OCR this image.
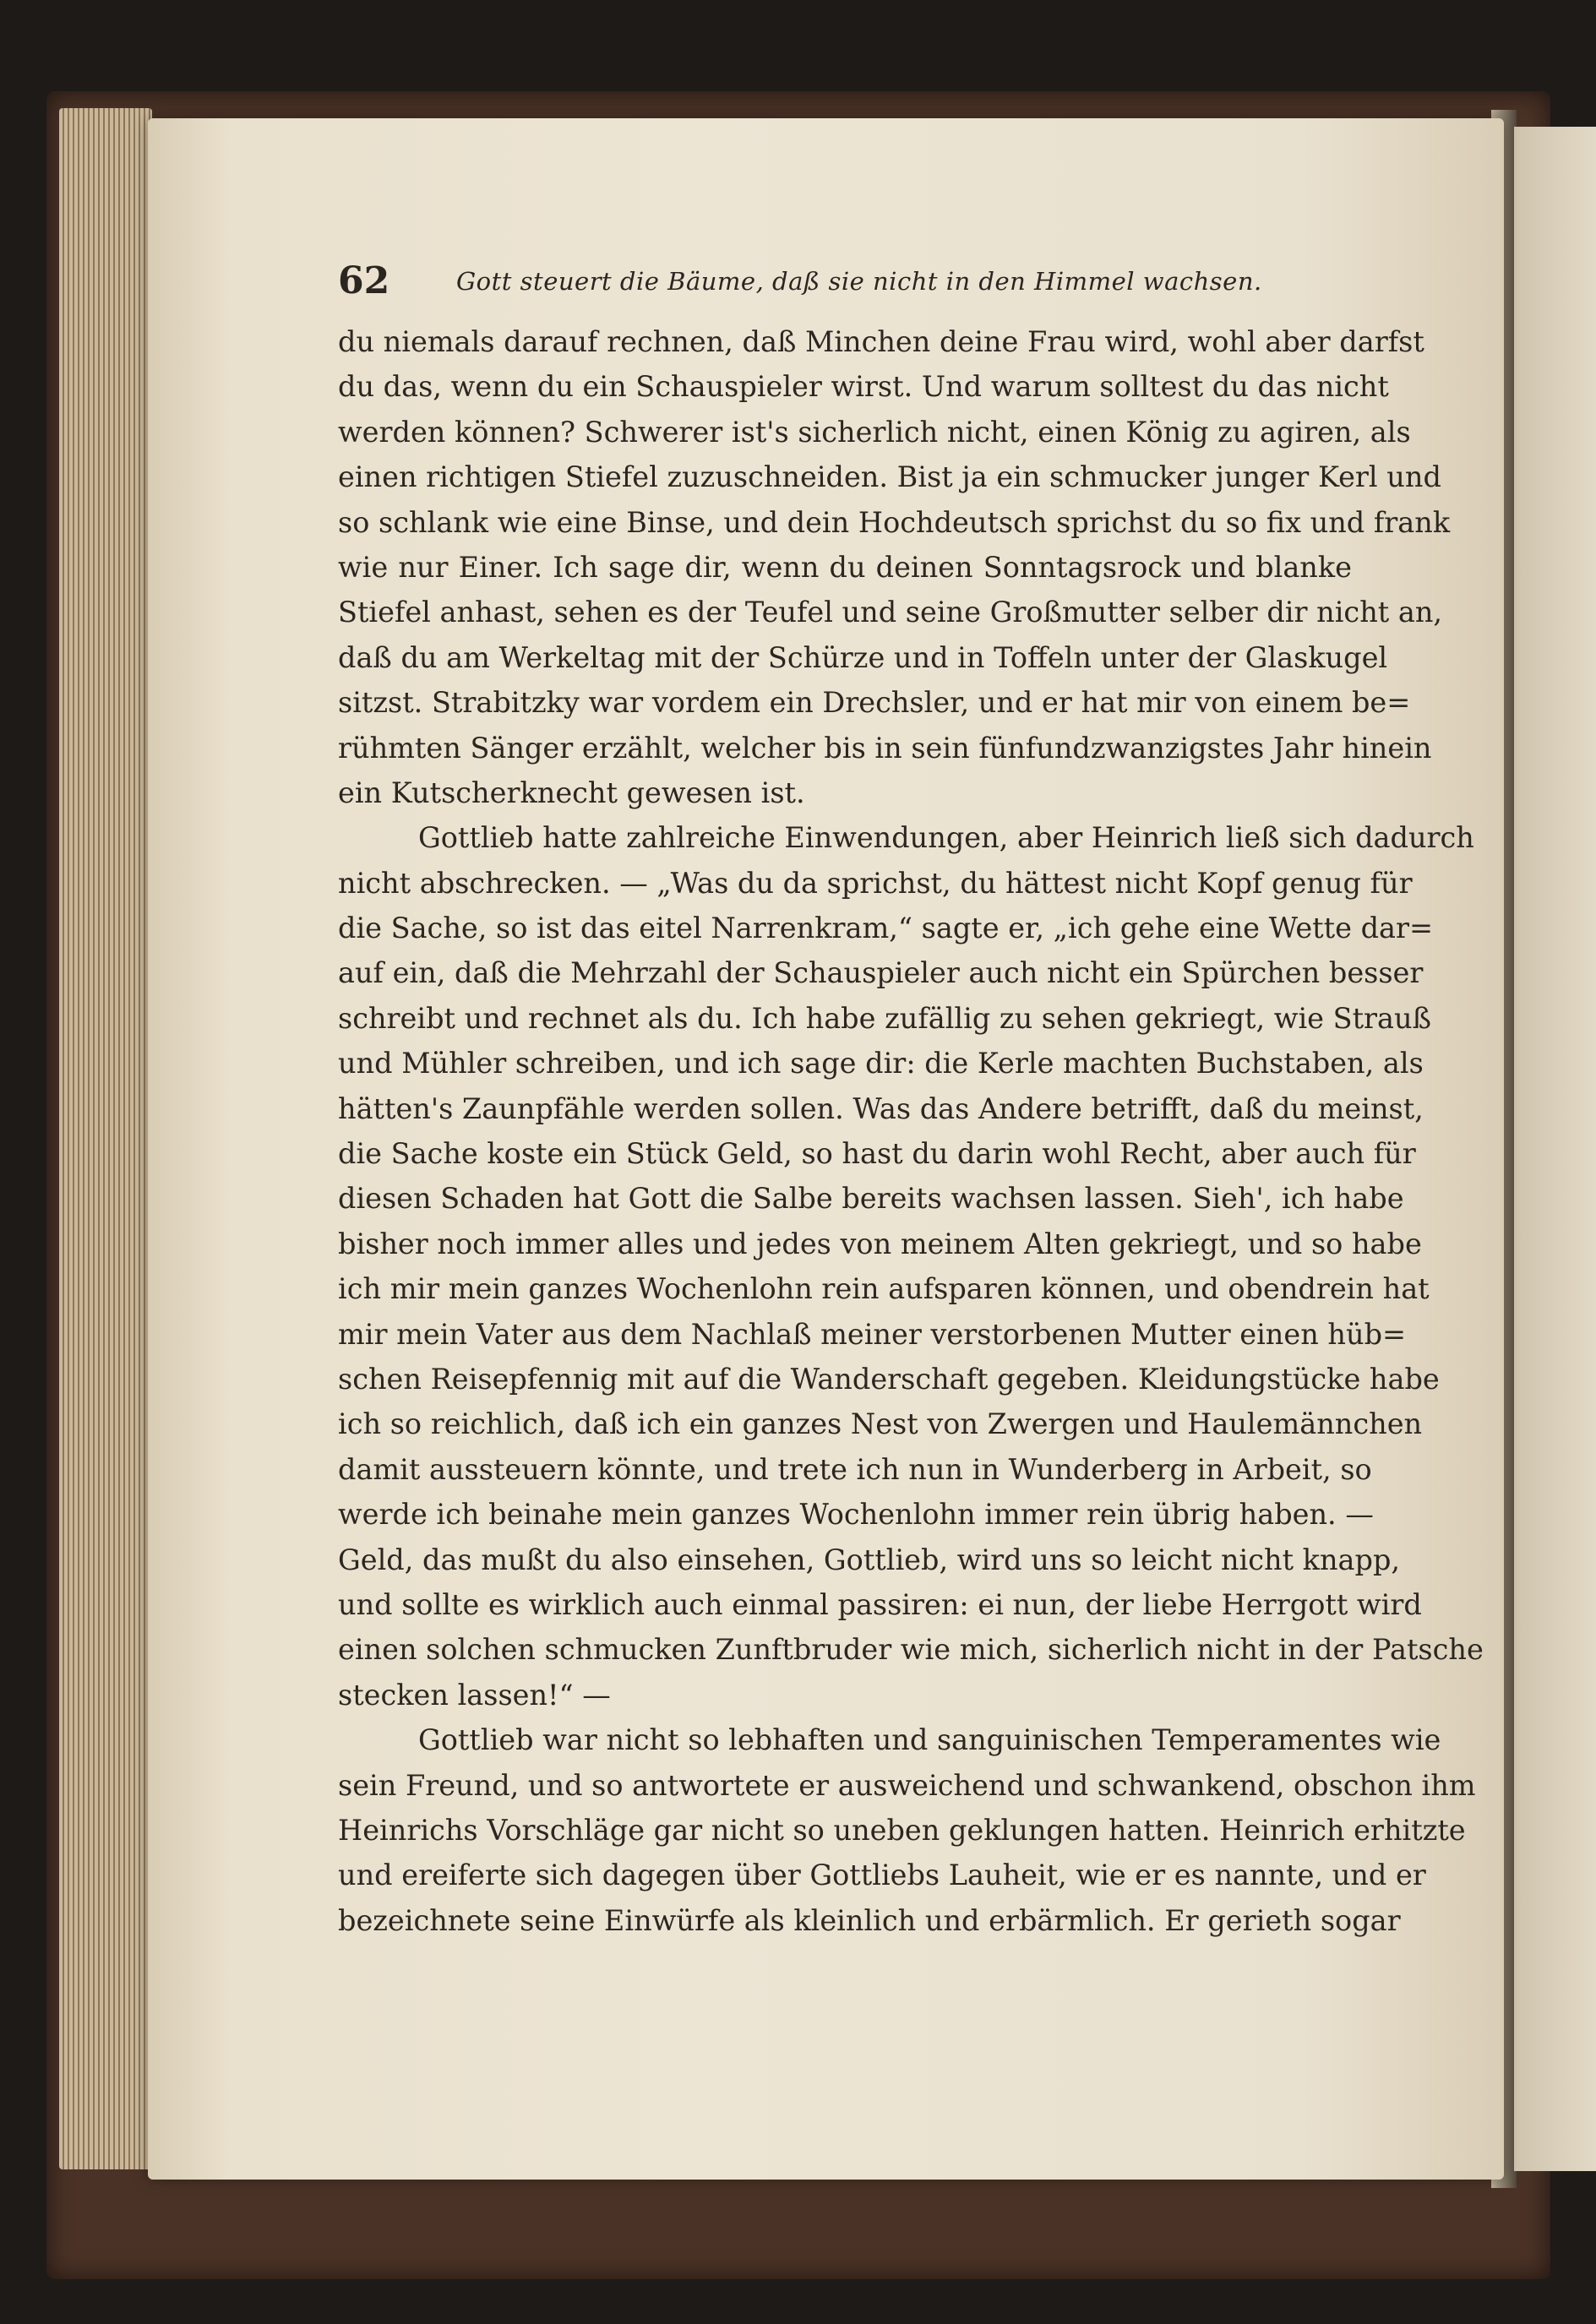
62	Gott steuert die Bäume, daß sie nicht in den Himmel wachsen.
du niemals darauf rechnen, daß Minchen deine Frau wird, wohl aber darfst
du das, wenn du ein Schauspieler wirst. Und warum solltest du das nicht
werden können? Schwerer ist's sicherlich nicht, einen König zu agiren, als
einen richtigen Stiefel zuzuschneiden. Bist ja ein schmucker junger Kerl und
so schlank wie eine Binse, und dein Hochdeutsch sprichst du so fix und frank
wie nur Einer. Ich sage dir, wenn du deinen Sonntagsrock und blanke
Stiefel anhast, sehen es der Teufel und seine Großmutter selber dir nicht an,
daß du am Werkeltag mit der Schürze und in Toffeln unter der Glaskugel
sitzst. Strabitzky war vordem ein Drechsler, und er hat mir von einem be=
rühmten Sänger erzählt, welcher bis in sein fünfundzwanzigstes Jahr hinein
ein Kutscherknecht gewesen ist.
Gottlieb hatte zahlreiche Einwendungen, aber Heinrich ließ sich dadurch
nicht abschrecken. — „Was du da sprichst, du hättest nicht Kopf genug für
die Sache, so ist das eitel Narrenkram,“ sagte er, „ich gehe eine Wette dar=
auf ein, daß die Mehrzahl der Schauspieler auch nicht ein Spürchen besser
schreibt und rechnet als du. Ich habe zufällig zu sehen gekriegt, wie Strauß
und Mühler schreiben, und ich sage dir: die Kerle machten Buchstaben, als
hätten's Zaunpfähle werden sollen. Was das Andere betrifft, daß du meinst,
die Sache koste ein Stück Geld, so hast du darin wohl Recht, aber auch für
diesen Schaden hat Gott die Salbe bereits wachsen lassen. Sieh', ich habe
bisher noch immer alles und jedes von meinem Alten gekriegt, und so habe
ich mir mein ganzes Wochenlohn rein aufsparen können, und obendrein hat
mir mein Vater aus dem Nachlaß meiner verstorbenen Mutter einen hüb=
schen Reisepfennig mit auf die Wanderschaft gegeben. Kleidungstücke habe
ich so reichlich, daß ich ein ganzes Nest von Zwergen und Haulemännchen
damit aussteuern könnte, und trete ich nun in Wunderberg in Arbeit, so
werde ich beinahe mein ganzes Wochenlohn immer rein übrig haben. —
Geld, das mußt du also einsehen, Gottlieb, wird uns so leicht nicht knapp,
und sollte es wirklich auch einmal passiren: ei nun, der liebe Herrgott wird
einen solchen schmucken Zunftbruder wie mich, sicherlich nicht in der Patsche
stecken lassen!“ —
Gottlieb war nicht so lebhaften und sanguinischen Temperamentes wie
sein Freund, und so antwortete er ausweichend und schwankend, obschon ihm
Heinrichs Vorschläge gar nicht so uneben geklungen hatten. Heinrich erhitzte
und ereiferte sich dagegen über Gottliebs Lauheit, wie er es nannte, und er
bezeichnete seine Einwürfe als kleinlich und erbärmlich. Er gerieth sogar
